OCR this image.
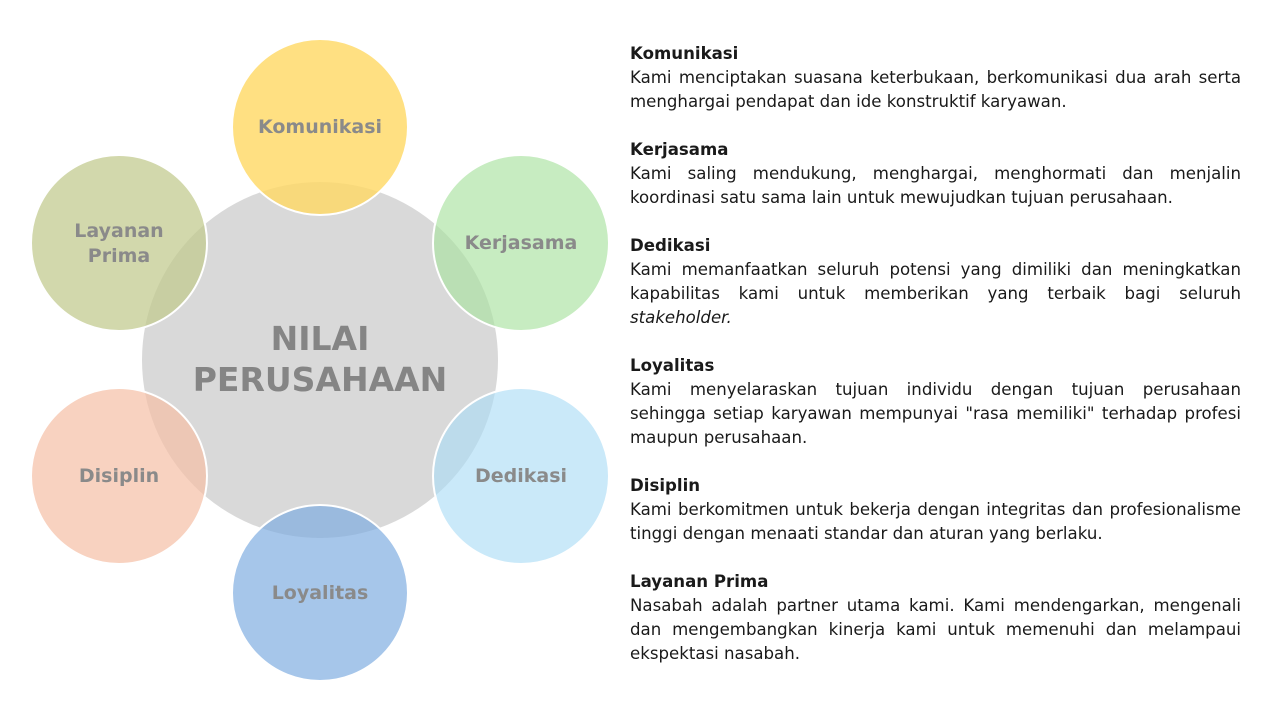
Komunikasi
Kerjasama
Dedikasi
Loyalitas
Disiplin
Layanan
Prima
NILAI
PERUSAHAAN
Komunikasi
Kami menciptakan suasana keterbukaan, berkomunikasi dua arah serta menghargai pendapat dan ide konstruktif karyawan.
Kerjasama
Kami saling mendukung, menghargai, menghormati dan menjalin koordinasi satu sama lain untuk mewujudkan tujuan perusahaan.
Dedikasi
Kami memanfaatkan seluruh potensi yang dimiliki dan meningkatkan kapabilitas kami untuk memberikan yang terbaik bagi seluruh stakeholder.
Loyalitas
Kami menyelaraskan tujuan individu dengan tujuan perusahaan sehingga setiap karyawan mempunyai "rasa memiliki" terhadap profesi maupun perusahaan.
Disiplin
Kami berkomitmen untuk bekerja dengan integritas dan profesionalisme tinggi dengan menaati standar dan aturan yang berlaku.
Layanan Prima
Nasabah adalah partner utama kami. Kami mendengarkan, mengenali dan mengembangkan kinerja kami untuk memenuhi dan melampaui ekspektasi nasabah.
